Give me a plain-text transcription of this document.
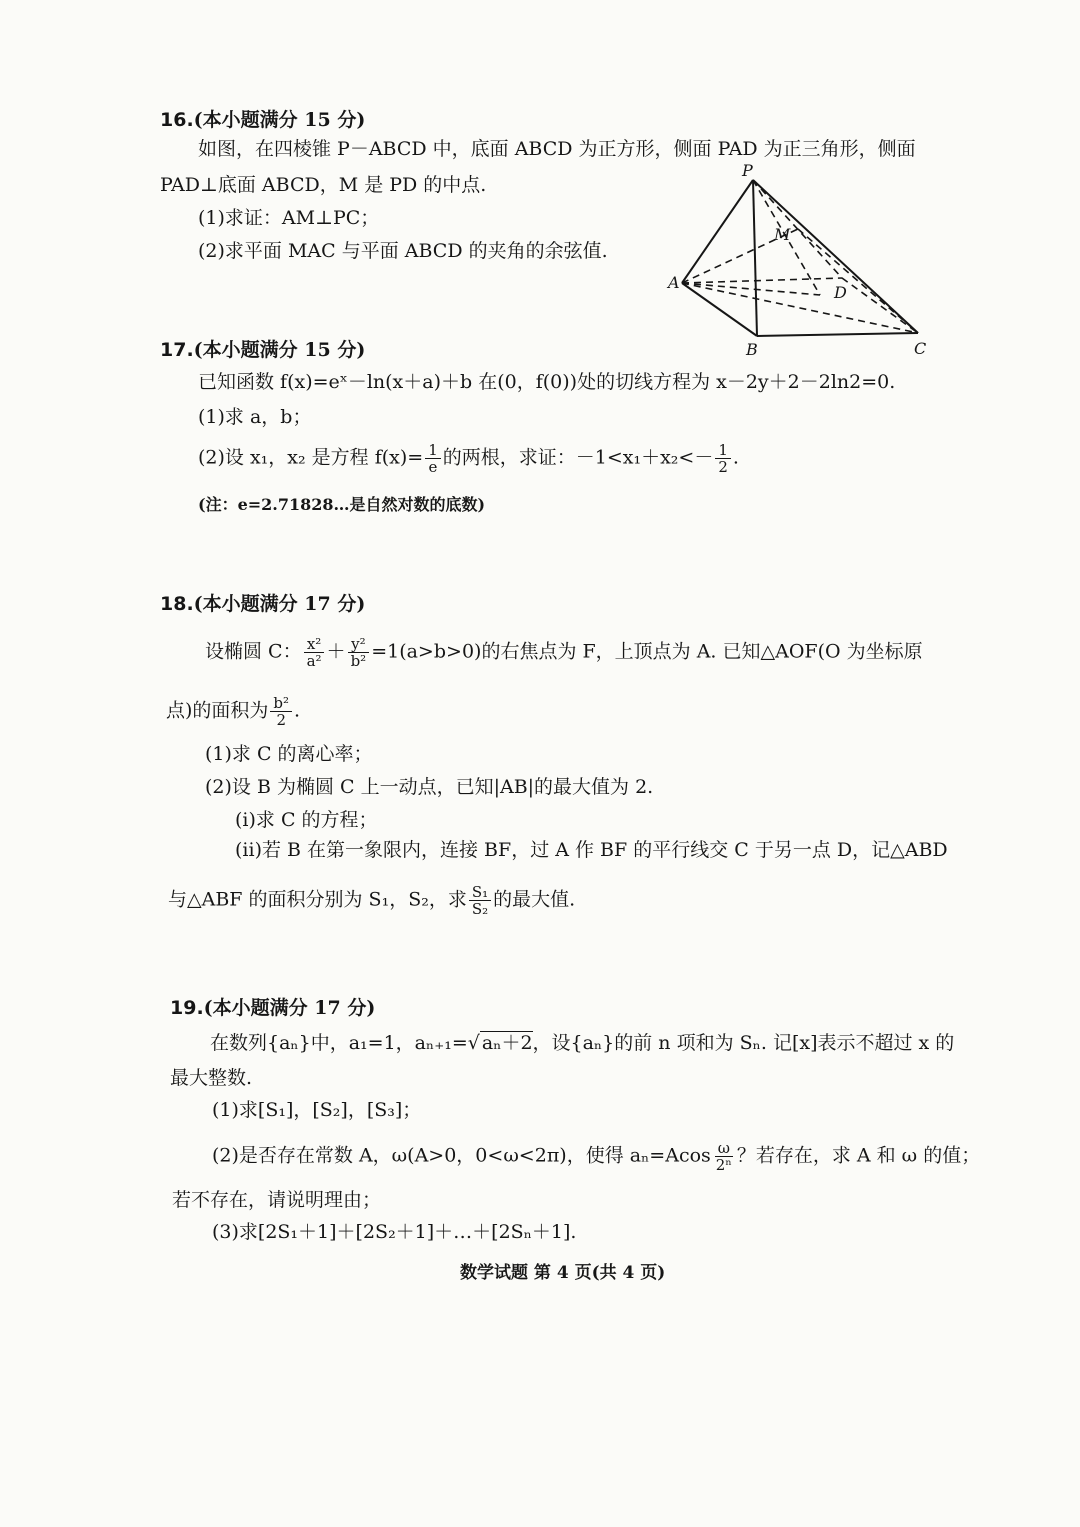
16.(本小题满分 15 分)
如图，在四棱锥 P－ABCD 中，底面 ABCD 为正方形，侧面 PAD 为正三角形，侧面
PAD⊥底面 ABCD，M 是 PD 的中点.
(1)求证：AM⊥PC；
(2)求平面 MAC 与平面 ABCD 的夹角的余弦值.
P
M
A
D
B	C
17.(本小题满分 15 分)
已知函数 f(x)=eˣ－ln(x＋a)＋b 在(0，f(0))处的切线方程为 x－2y＋2－2ln2=0.
(1)求 a，b；
(2)设 x₁，x₂ 是方程 $f(x)= \frac{1}{e}$ 的两根，求证：$-1<x_1+x_2<- \frac{1}{2}$ .
(注：e=2.71828…是自然对数的底数)
18.(本小题满分 17 分)
设椭圆 C： $\frac{\text{x²}}{\text{a²}} + \frac{\text{y²}}{\text{b²}} =1(a>b>0)$的右焦点为 F，上顶点为 A. 已知△AOF(O 为坐标原
点)的面积为 $\frac{\text{b²}}{2}$ .
(1)求 C 的离心率；
(2)设 B 为椭圆 C 上一动点，已知|AB|的最大值为 2.
(i)求 C 的方程；
(ii)若 B 在第一象限内，连接 BF，过 A 作 BF 的平行线交 C 于另一点 D，记△ABD
与△ABF 的面积分别为 S₁，S₂，求 $\frac{\text{S₁}}{\text{S₂}}$ 的最大值.
19.(本小题满分 17 分)
在数列{aₙ}中，a₁=1，aₙ₊₁=√ aₙ＋2，设{aₙ}的前 n 项和为 Sₙ. 记[x]表示不超过 x 的
最大整数.
(1)求[S₁]，[S₂]，[S₃]；
(2)是否存在常数 A，ω(A>0，0<ω<2π)，使得 $a_n=Acos \frac{\omega}{\text{2ⁿ}}$ ？若存在，求 A 和 ω 的值；
若不存在，请说明理由；
(3)求[2S₁＋1]＋[2S₂＋1]＋…＋[2Sₙ＋1].
数学试题 第 4 页(共 4 页)
